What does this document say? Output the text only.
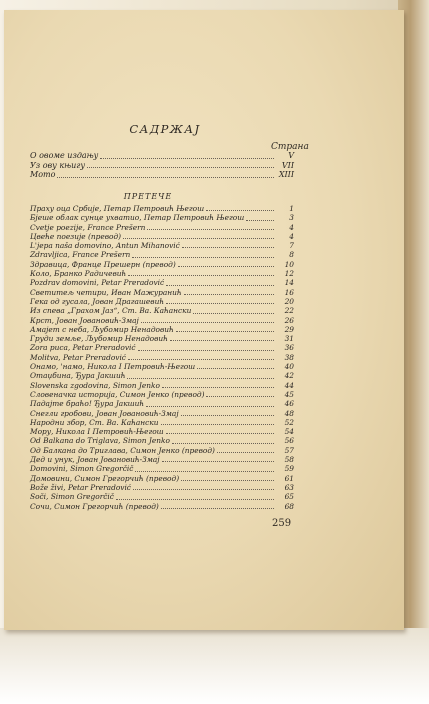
САДРЖАЈ
Страна
О овоме издању	V
Уз ову књигу	VII
Мото	XIII
ПРЕТЕЧЕ
Праху оца Србије, Петар Петровић Његош	1
Бјеше облак сунце ухватио, Петар Петровић Његош	3
Cvetje poezije, France Prešern	4
Цвеће поезије (превод)	4
L'jepa naša domovino, Antun Mihanović	7
Zdravljica, France Prešern	8
Здравица, Франце Прешерн (превод)	10
Коло, Бранко Радичевић	12
Pozdrav domovini, Petar Preradović	14
Светитељ четири, Иван Мажуранић	16
Гека од гусала, Јован Драгашевић	20
Из спева „Грахом Јаз“, Ст. Ва. Каћански	22
Крст, Јован Јовановић-Змај	26
Амајет с неба, Љубомир Ненадовић	29
Груди земље, Љубомир Ненадовић	31
Zora puca, Petar Preradović	36
Molitva, Petar Preradović	38
Онамо, 'намо, Никола I Петровић-Његош	40
Отаџбина, Ђура Јакшић	42
Slovenska zgodovina, Simon Jenko	44
Словеначка историја, Симон Јенко (превод)	45
Падајте браћо! Ђура Јакшић	46
Снегли гробови, Јован Јовановић-Змај	48
Народни збор, Ст. Ва. Каћански	52
Мору, Никола I Петровић-Његош	54
Od Balkana do Triglava, Simon Jenko	56
Од Балкана до Триглава, Симон Јенко (превод)	57
Дед и унук, Јован Јовановић-Змај	58
Domovini, Simon Gregorčič	59
Домовини, Симон Грегорчић (превод)	61
Bože živi, Petar Preradović	63
Soči, Simon Gregorčič	65
Сочи, Симон Грегорчић (превод)	68
259
